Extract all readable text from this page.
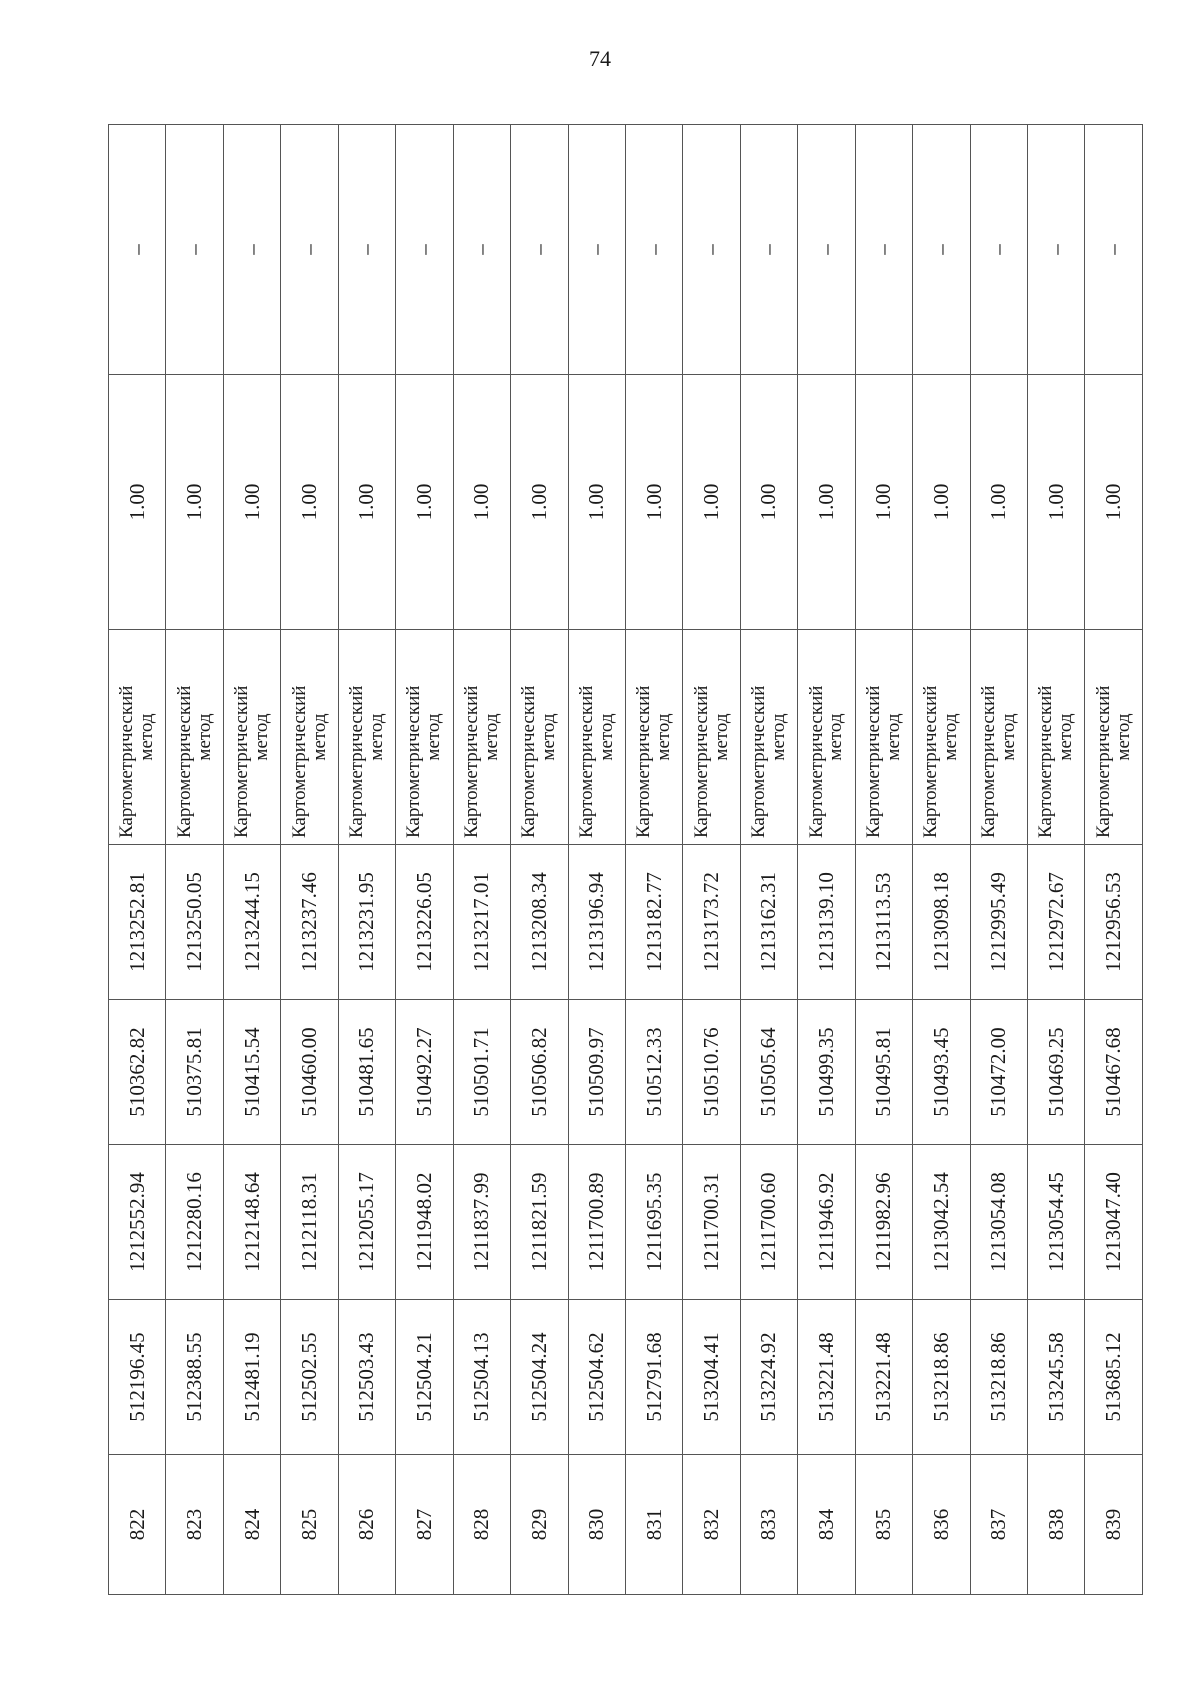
74
822	512196.45	1212552.94	510362.82	1213252.81	Картометрический
метод	1.00	–
823	512388.55	1212280.16	510375.81	1213250.05	Картометрический
метод	1.00	–
824	512481.19	1212148.64	510415.54	1213244.15	Картометрический
метод	1.00	–
825	512502.55	1212118.31	510460.00	1213237.46	Картометрический
метод	1.00	–
826	512503.43	1212055.17	510481.65	1213231.95	Картометрический
метод	1.00	–
827	512504.21	1211948.02	510492.27	1213226.05	Картометрический
метод	1.00	–
828	512504.13	1211837.99	510501.71	1213217.01	Картометрический
метод	1.00	–
829	512504.24	1211821.59	510506.82	1213208.34	Картометрический
метод	1.00	–
830	512504.62	1211700.89	510509.97	1213196.94	Картометрический
метод	1.00	–
831	512791.68	1211695.35	510512.33	1213182.77	Картометрический
метод	1.00	–
832	513204.41	1211700.31	510510.76	1213173.72	Картометрический
метод	1.00	–
833	513224.92	1211700.60	510505.64	1213162.31	Картометрический
метод	1.00	–
834	513221.48	1211946.92	510499.35	1213139.10	Картометрический
метод	1.00	–
835	513221.48	1211982.96	510495.81	1213113.53	Картометрический
метод	1.00	–
836	513218.86	1213042.54	510493.45	1213098.18	Картометрический
метод	1.00	–
837	513218.86	1213054.08	510472.00	1212995.49	Картометрический
метод	1.00	–
838	513245.58	1213054.45	510469.25	1212972.67	Картометрический
метод	1.00	–
839	513685.12	1213047.40	510467.68	1212956.53	Картометрический
метод	1.00	–
